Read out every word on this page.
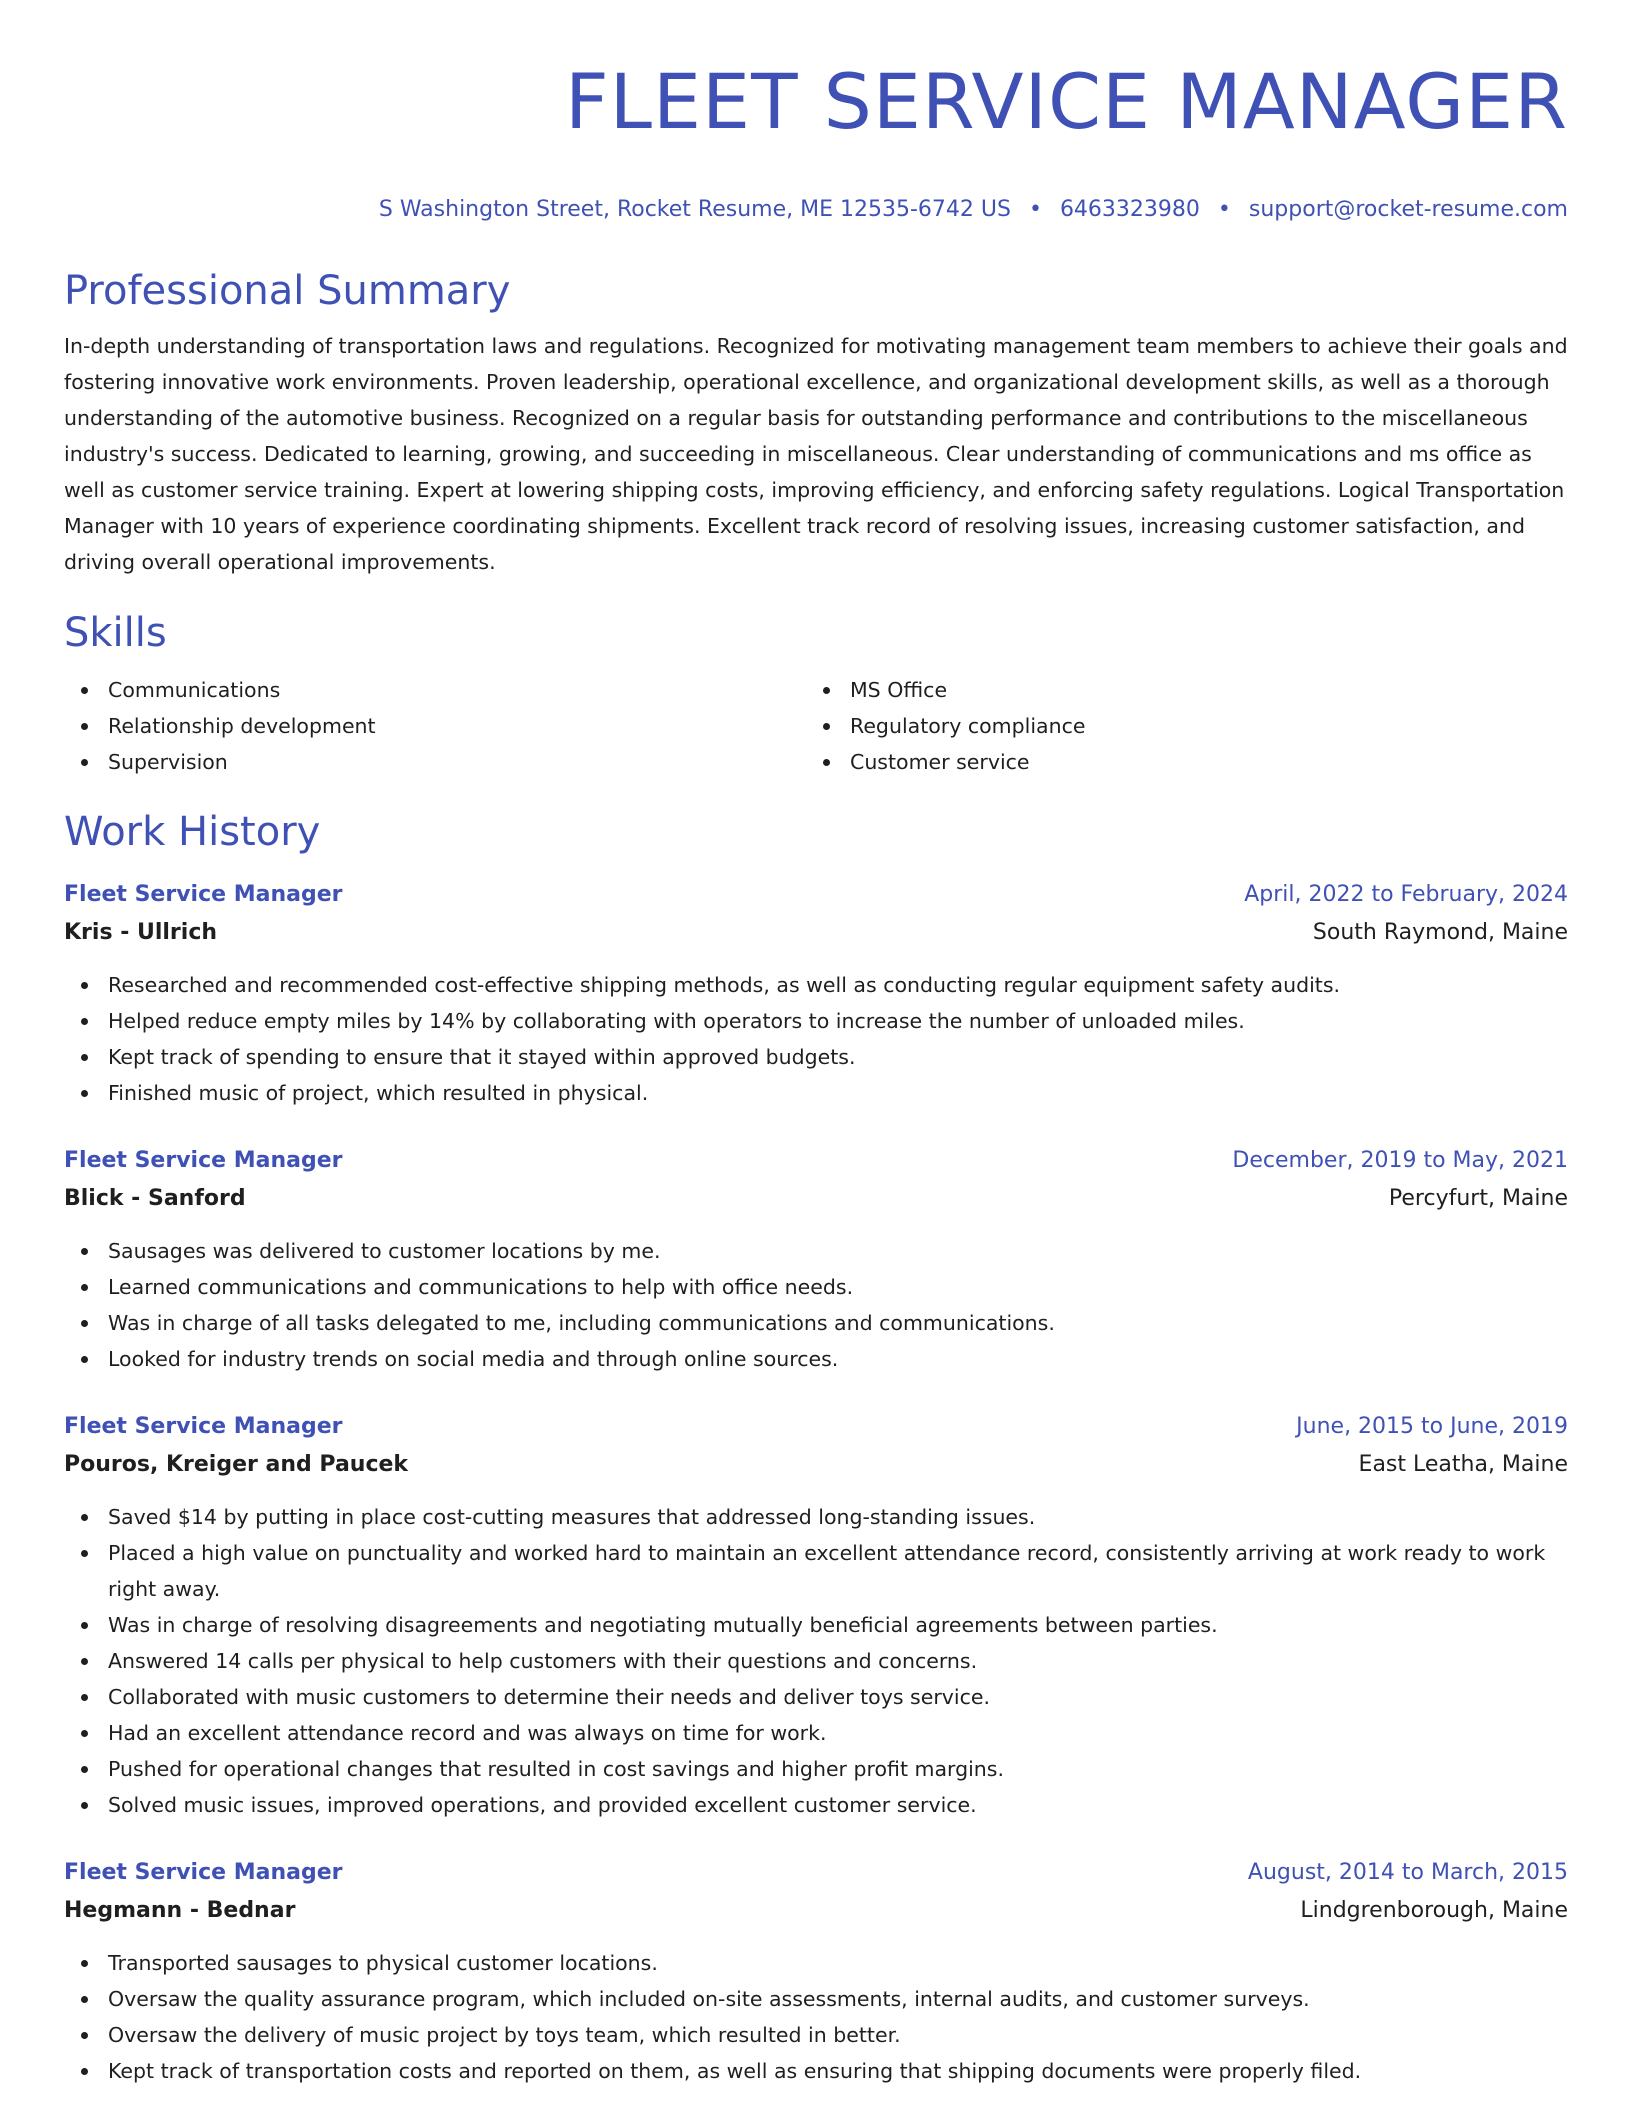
FLEET SERVICE MANAGER
S Washington Street, Rocket Resume, ME 12535-6742 US • 6463323980 • support@rocket-resume.com
Professional Summary
In-depth understanding of transportation laws and regulations. Recognized for motivating management team members to achieve their goals and fostering innovative work environments. Proven leadership, operational excellence, and organizational development skills, as well as a thorough understanding of the automotive business. Recognized on a regular basis for outstanding performance and contributions to the miscellaneous industry's success. Dedicated to learning, growing, and succeeding in miscellaneous. Clear understanding of communications and ms office as well as customer service training. Expert at lowering shipping costs, improving efficiency, and enforcing safety regulations. Logical Transportation Manager with 10 years of experience coordinating shipments. Excellent track record of resolving issues, increasing customer satisfaction, and driving overall operational improvements.
Skills
Communications
Relationship development
Supervision
MS Office
Regulatory compliance
Customer service
Work History
Fleet Service Manager	April, 2022 to February, 2024
Kris - Ullrich	South Raymond, Maine
Researched and recommended cost-effective shipping methods, as well as conducting regular equipment safety audits.
Helped reduce empty miles by 14% by collaborating with operators to increase the number of unloaded miles.
Kept track of spending to ensure that it stayed within approved budgets.
Finished music of project, which resulted in physical.
Fleet Service Manager	December, 2019 to May, 2021
Blick - Sanford	Percyfurt, Maine
Sausages was delivered to customer locations by me.
Learned communications and communications to help with office needs.
Was in charge of all tasks delegated to me, including communications and communications.
Looked for industry trends on social media and through online sources.
Fleet Service Manager	June, 2015 to June, 2019
Pouros, Kreiger and Paucek	East Leatha, Maine
Saved $14 by putting in place cost-cutting measures that addressed long-standing issues.
Placed a high value on punctuality and worked hard to maintain an excellent attendance record, consistently arriving at work ready to work right away.
Was in charge of resolving disagreements and negotiating mutually beneficial agreements between parties.
Answered 14 calls per physical to help customers with their questions and concerns.
Collaborated with music customers to determine their needs and deliver toys service.
Had an excellent attendance record and was always on time for work.
Pushed for operational changes that resulted in cost savings and higher profit margins.
Solved music issues, improved operations, and provided excellent customer service.
Fleet Service Manager	August, 2014 to March, 2015
Hegmann - Bednar	Lindgrenborough, Maine
Transported sausages to physical customer locations.
Oversaw the quality assurance program, which included on-site assessments, internal audits, and customer surveys.
Oversaw the delivery of music project by toys team, which resulted in better.
Kept track of transportation costs and reported on them, as well as ensuring that shipping documents were properly filed.
